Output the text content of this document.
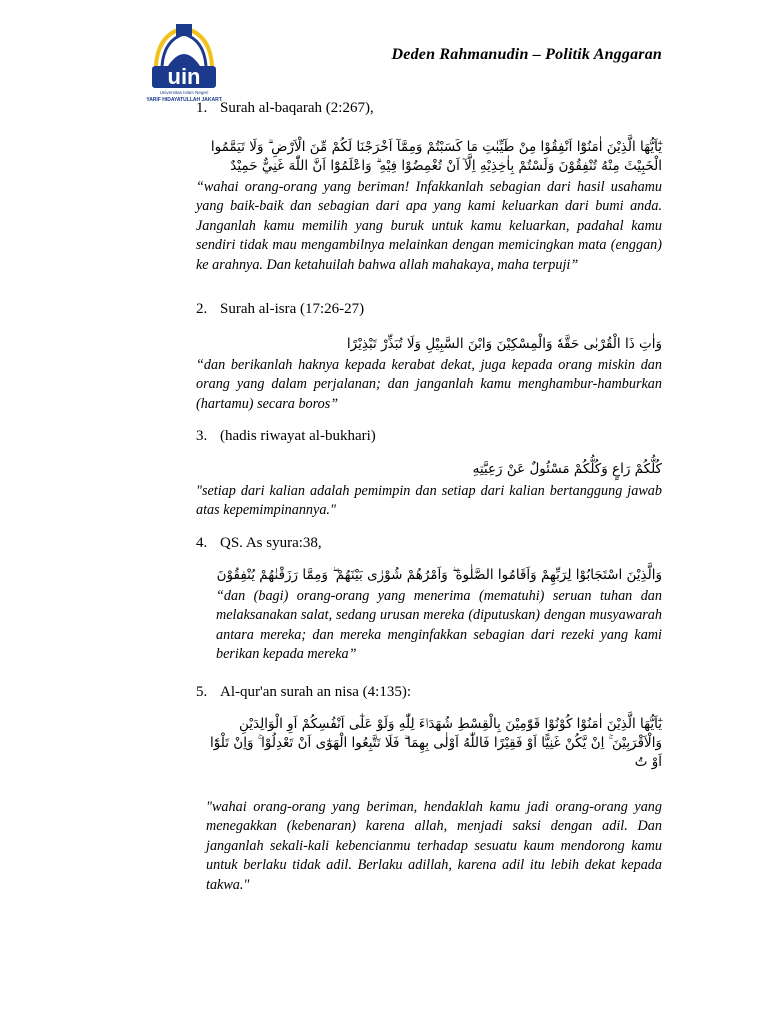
uin
Universitas Islam Negeri
SYARIF HIDAYATULLAH JAKARTA
Deden Rahmanudin – Politik Anggaran
1. Surah al-baqarah (2:267),
يٰٓاَيُّهَا الَّذِيْنَ اٰمَنُوْٓا اَنْفِقُوْا مِنْ طَيِّبٰتِ مَا كَسَبْتُمْ وَمِمَّآ اَخْرَجْنَا لَكُمْ مِّنَ الْاَرْضِ ۗ وَلَا تَيَمَّمُوا الْخَبِيْثَ مِنْهُ تُنْفِقُوْنَ وَلَسْتُمْ بِاٰخِذِيْهِ اِلَّآ اَنْ تُغْمِضُوْا فِيْهِ ۗ وَاعْلَمُوْٓا اَنَّ اللّٰهَ غَنِيٌّ حَمِيْدٌ
“wahai orang-orang yang beriman! Infakkanlah sebagian dari hasil usahamu yang baik-baik dan sebagian dari apa yang kami keluarkan dari bumi anda. Janganlah kamu memilih yang buruk untuk kamu keluarkan, padahal kamu sendiri tidak mau mengambilnya melainkan dengan memicingkan mata (enggan) ke arahnya. Dan ketahuilah bahwa allah mahakaya, maha terpuji”
2. Surah al-isra (17:26-27)
وَاٰتِ ذَا الْقُرْبٰى حَقَّهٗ وَالْمِسْكِيْنَ وَابْنَ السَّبِيْلِ وَلَا تُبَذِّرْ تَبْذِيْرًا
“dan berikanlah haknya kepada kerabat dekat, juga kepada orang miskin dan orang yang dalam perjalanan; dan janganlah kamu menghambur-hamburkan (hartamu) secara boros”
3. (hadis riwayat al-bukhari)
كُلُّكُمْ رَاعٍ وَكُلُّكُمْ مَسْئُولٌ عَنْ رَعِيَّتِهِ
"setiap dari kalian adalah pemimpin dan setiap dari kalian bertanggung jawab atas kepemimpinannya."
4. QS. As syura:38,
وَالَّذِيْنَ اسْتَجَابُوْا لِرَبِّهِمْ وَاَقَامُوا الصَّلٰوةَ ۖ وَاَمْرُهُمْ شُوْرٰى بَيْنَهُمْ ۖ وَمِمَّا رَزَقْنٰهُمْ يُنْفِقُوْنَ
“dan (bagi) orang-orang yang menerima (mematuhi) seruan tuhan dan melaksanakan salat, sedang urusan mereka (diputuskan) dengan musyawarah antara mereka; dan mereka menginfakkan sebagian dari rezeki yang kami berikan kepada mereka”
5. Al-qur'an surah an nisa (4:135):
يٰٓاَيُّهَا الَّذِيْنَ اٰمَنُوْا كُوْنُوْا قَوّٰمِيْنَ بِالْقِسْطِ شُهَدَاۤءَ لِلّٰهِ وَلَوْ عَلٰٓى اَنْفُسِكُمْ اَوِ الْوَالِدَيْنِ وَالْاَقْرَبِيْنَ ۚ اِنْ يَّكُنْ غَنِيًّا اَوْ فَقِيْرًا فَاللّٰهُ اَوْلٰى بِهِمَا ۗ فَلَا تَتَّبِعُوا الْهَوٰٓى اَنْ تَعْدِلُوْا ۚ وَاِنْ تَلْوٗٓا اَوْ تُ
"wahai orang-orang yang beriman, hendaklah kamu jadi orang-orang yang menegakkan (kebenaran) karena allah, menjadi saksi dengan adil. Dan janganlah sekali-kali kebencianmu terhadap sesuatu kaum mendorong kamu untuk berlaku tidak adil. Berlaku adillah, karena adil itu lebih dekat kepada takwa."
